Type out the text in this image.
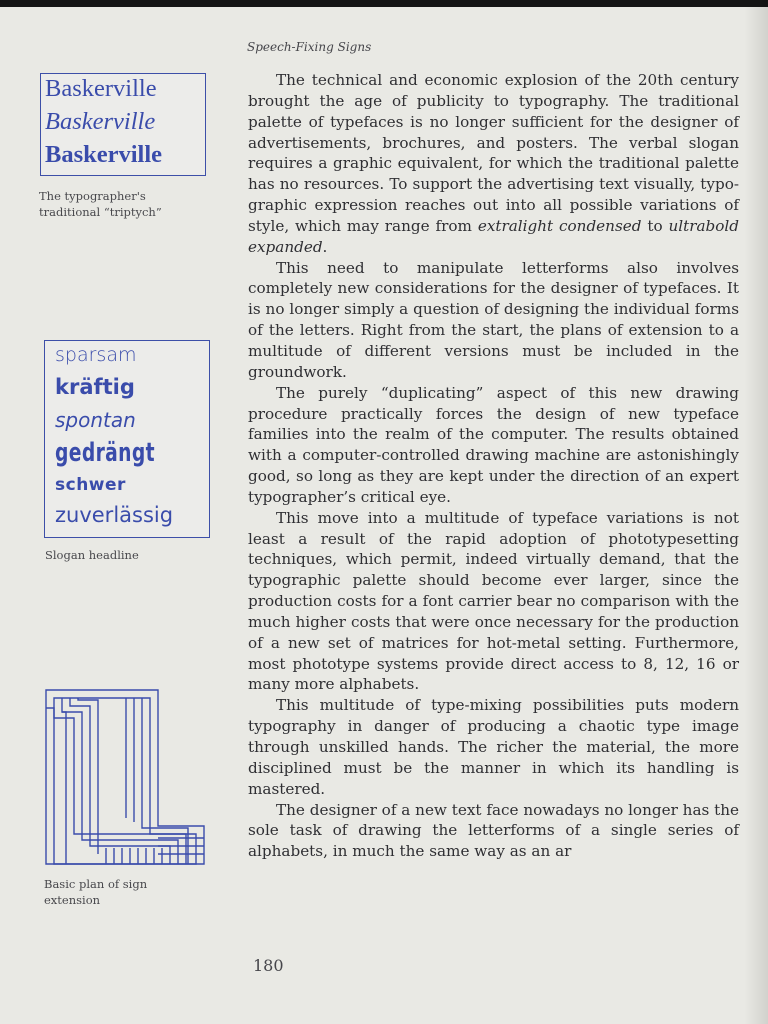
Speech-Fixing Signs
Baskerville
Baskerville
Baskerville
The typographer's
traditional “triptych”
sparsam
kräftig
spontan
gedrängt
schwer
zuverlässig
Slogan headline
Basic plan of sign
extension

The technical and economic explosion of the 20th century brought the age of publicity to typography. The traditional palette of typefaces is no longer sufficient for the designer of advertisements, brochures, and posters. The verbal slogan requires a graphic equivalent, for which the traditional palette has no resources. To support the advertising text visually, typographic expression reaches out into all possible variations of style, which may range from extralight condensed to ultrabold expanded.

This need to manipulate letterforms also involves completely new considerations for the designer of typefaces. It is no longer simply a question of designing the individual forms of the letters. Right from the start, the plans of extension to a multitude of different versions must be included in the groundwork.

The purely “duplicating” aspect of this new drawing procedure practically forces the design of new typeface families into the realm of the computer. The results obtained with a computer-controlled drawing machine are astonishingly good, so long as they are kept under the direction of an expert typographer’s critical eye.

This move into a multitude of typeface variations is not least a result of the rapid adoption of phototypesetting techniques, which permit, indeed virtually demand, that the typographic palette should become ever larger, since the production costs for a font carrier bear no comparison with the much higher costs that were once necessary for the production of a new set of matrices for hot-metal setting. Furthermore, most phototype systems provide direct access to 8, 12, 16 or many more alphabets.

This multitude of type-mixing possibilities puts modern typography in danger of producing a chaotic type image through unskilled hands. The richer the material, the more disciplined must be the manner in which its handling is mastered.

The designer of a new text face nowadays no longer has the sole task of drawing the letterforms of a single series of alphabets, in much the same way as an ar

180
